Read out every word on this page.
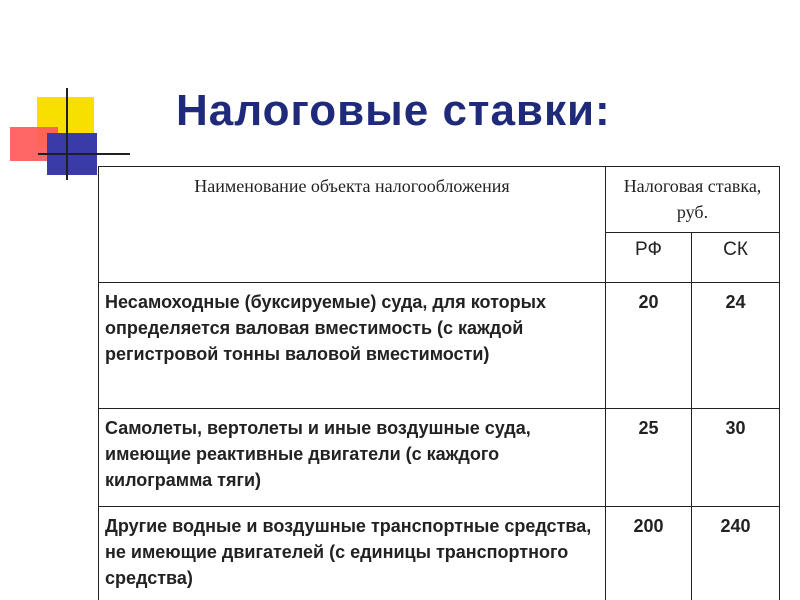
Налоговые ставки:
Наименование объекта налогообложения	Налоговая ставка, руб.	
	РФ	СК
Несамоходные (буксируемые) суда, для которых определяется валовая вместимость (с каждой регистровой тонны валовой вместимости)	20	24
Самолеты, вертолеты и иные воздушные суда, имеющие реактивные двигатели (с каждого килограмма тяги)	25	30
Другие водные и воздушные транспортные средства, не имеющие двигателей (с единицы транспортного средства)	200	240
